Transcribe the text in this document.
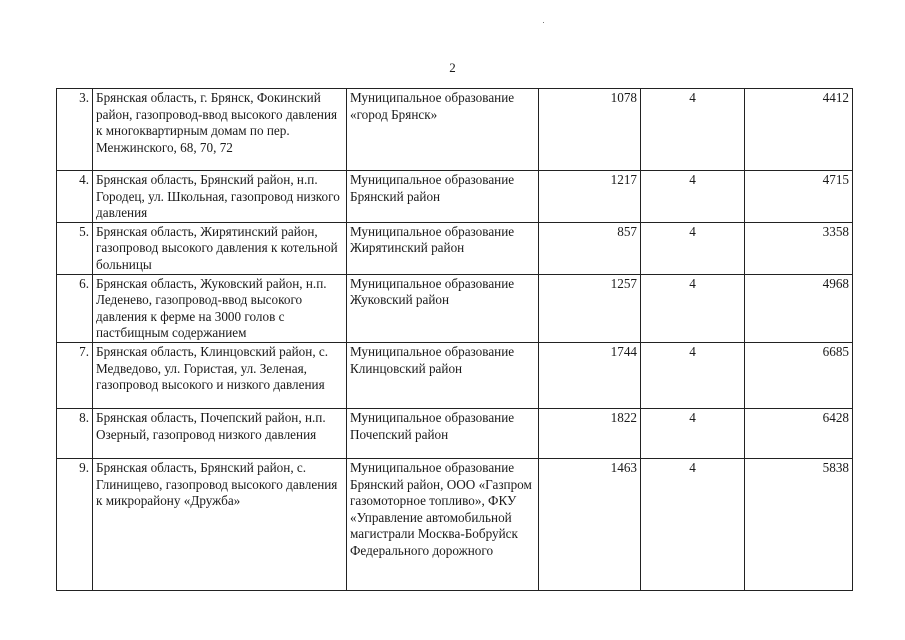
2
3.	Брянская область, г. Брянск, Фокинский район, газопровод-ввод высокого давления к многоквартирным домам по пер. Менжинского, 68, 70, 72	Муниципальное образование «город Брянск»	1078	4	4412
4.	Брянская область, Брянский район, н.п. Городец, ул. Школьная, газопровод низкого давления	Муниципальное образование Брянский район	1217	4	4715
5.	Брянская область, Жирятинский район, газопровод высокого давления к котельной больницы	Муниципальное образование Жирятинский район	857	4	3358
6.	Брянская область, Жуковский район, н.п. Леденево, газопровод-ввод высокого давления к ферме на 3000 голов с пастбищным содержанием	Муниципальное образование Жуковский район	1257	4	4968
7.	Брянская область, Клинцовский район, с. Медведово, ул. Гористая, ул. Зеленая, газопровод высокого и низкого давления	Муниципальное образование Клинцовский район	1744	4	6685
8.	Брянская область, Почепский район, н.п. Озерный, газопровод низкого давления	Муниципальное образование Почепский район	1822	4	6428
9.	Брянская область, Брянский район, с. Глинищево, газопровод высокого давления к микрорайону «Дружба»	Муниципальное образование Брянский район, ООО «Газпром газомоторное топливо», ФКУ «Управление автомобильной магистрали Москва-Бобруйск Федерального дорожного	1463	4	5838
